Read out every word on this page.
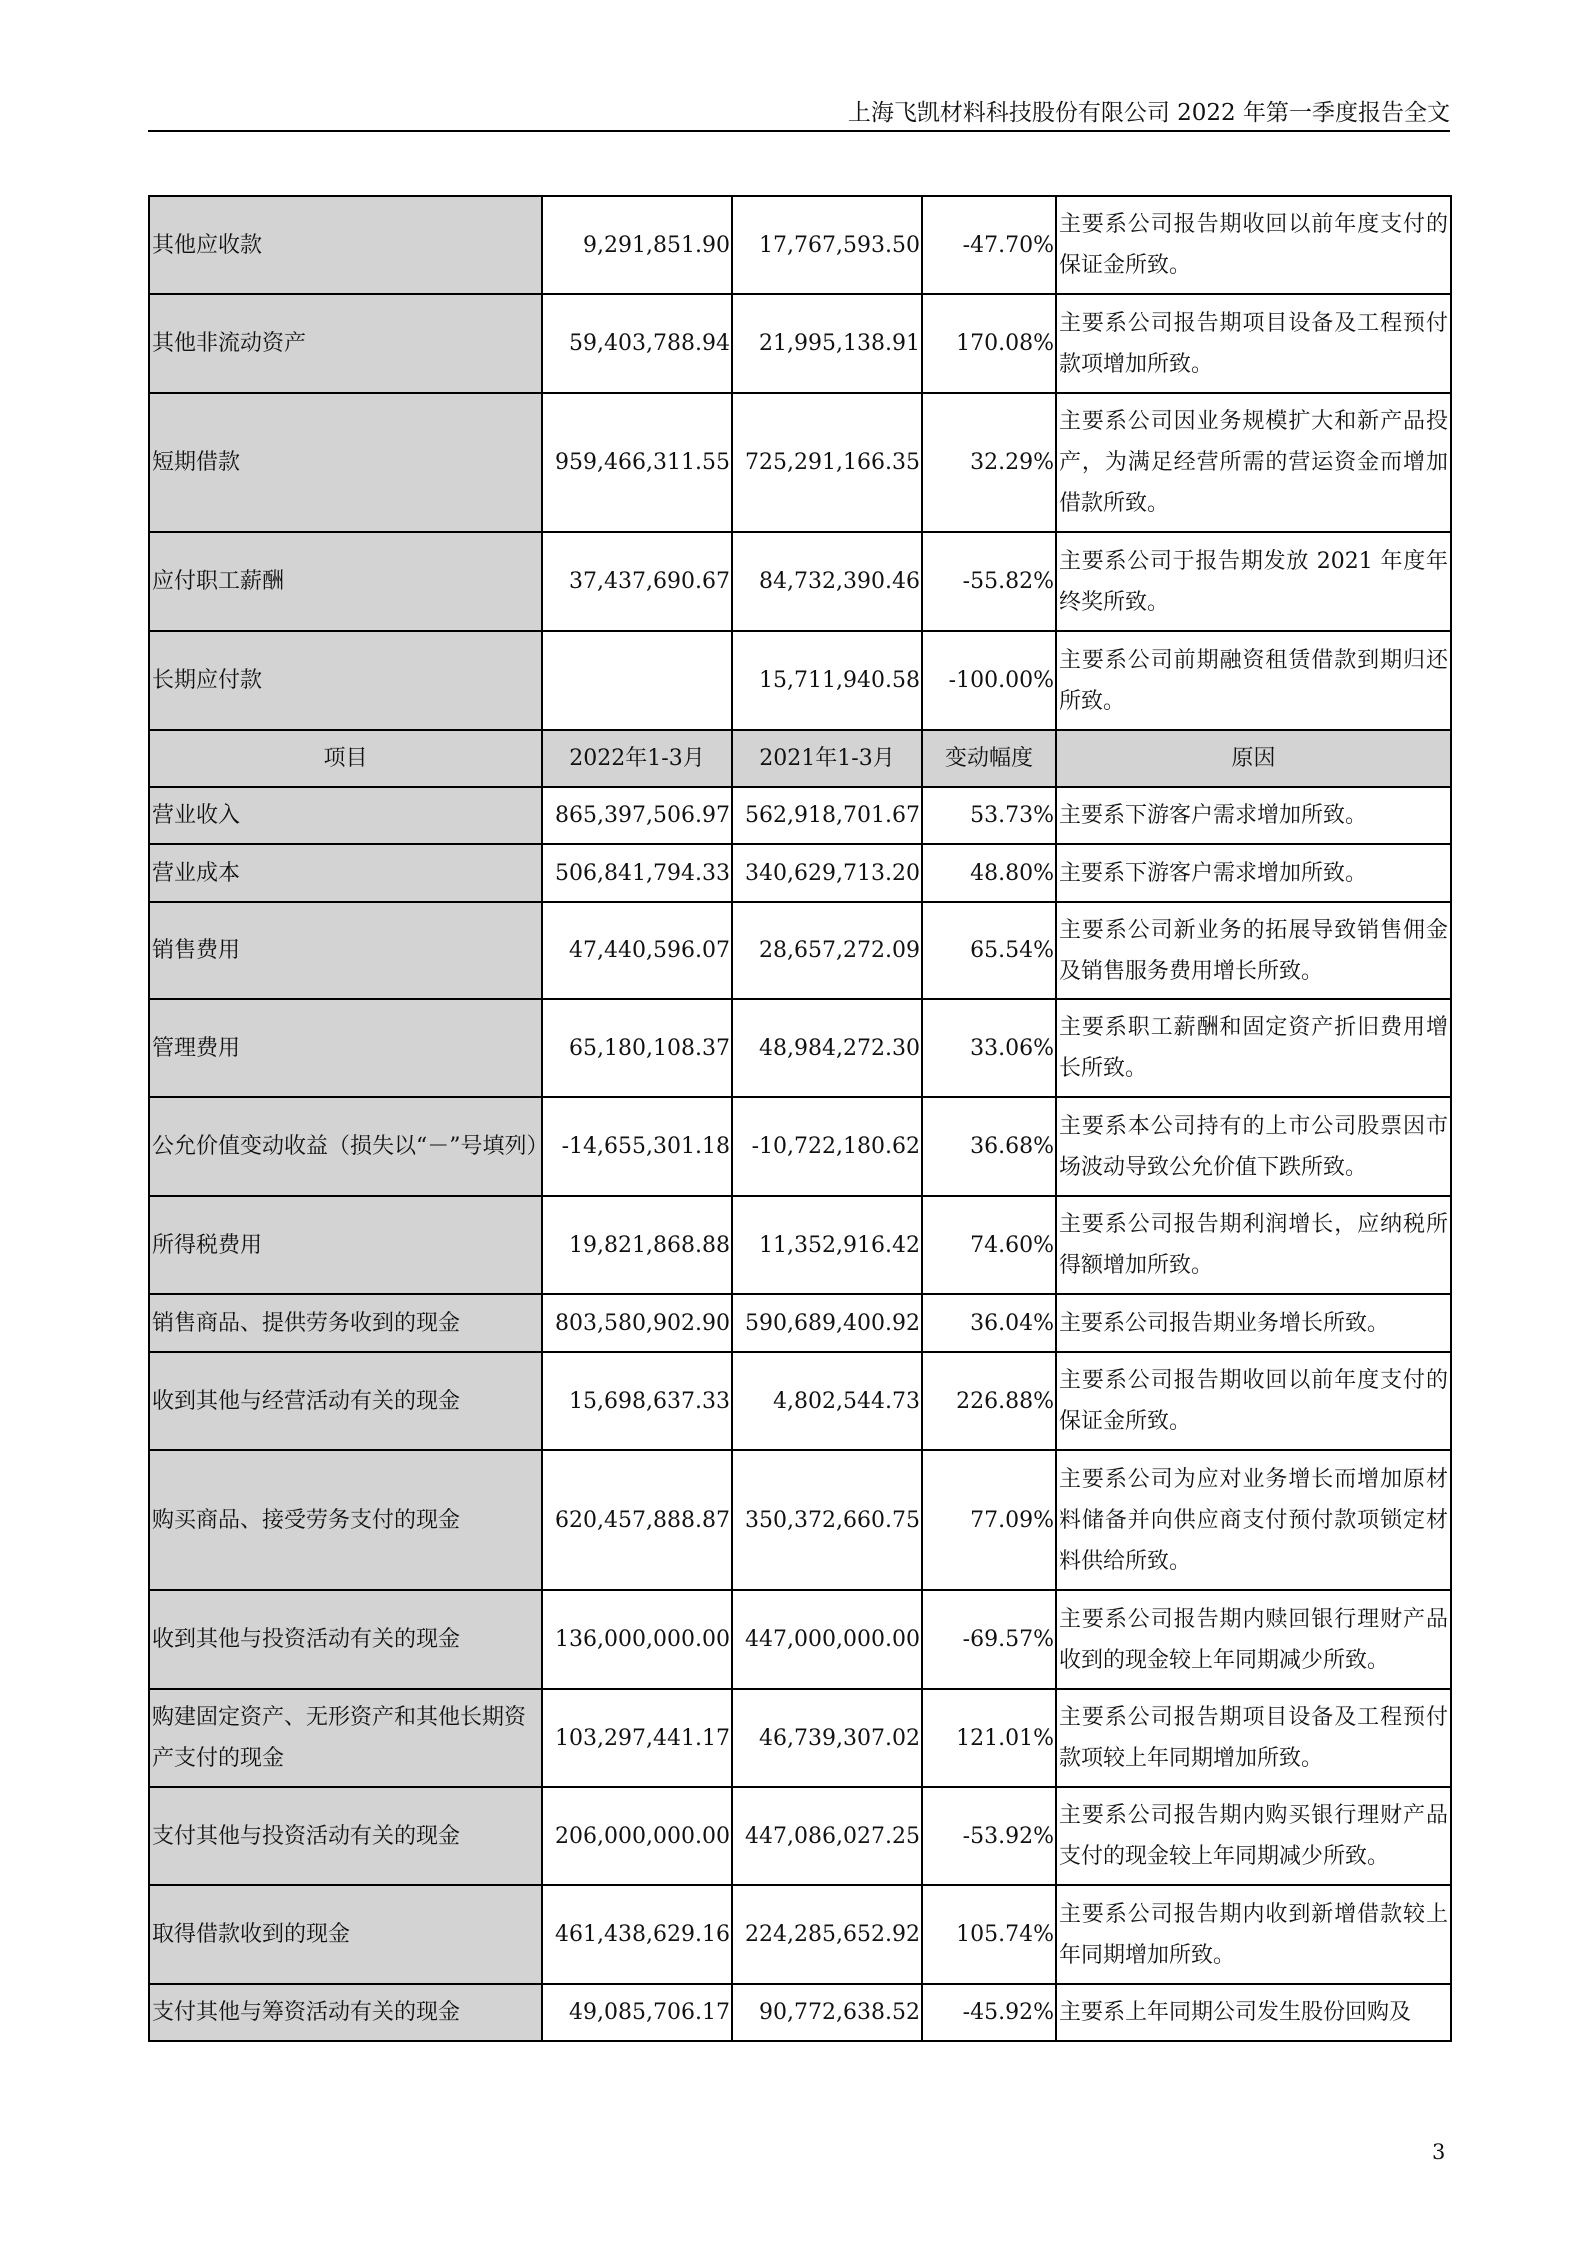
上海飞凯材料科技股份有限公司 2022 年第一季度报告全文
其他应收款	9,291,851.90	17,767,593.50	-47.70%	主要系公司报告期收回以前年度支付的保证金所致。
其他非流动资产	59,403,788.94	21,995,138.91	170.08%	主要系公司报告期项目设备及工程预付款项增加所致。
短期借款	959,466,311.55	725,291,166.35	32.29%	主要系公司因业务规模扩大和新产品投产，为满足经营所需的营运资金而增加借款所致。
应付职工薪酬	37,437,690.67	84,732,390.46	-55.82%	主要系公司于报告期发放 2021 年度年终奖所致。
长期应付款		15,711,940.58	-100.00%	主要系公司前期融资租赁借款到期归还所致。
项目	2022年1-3月	2021年1-3月	变动幅度	原因
营业收入	865,397,506.97	562,918,701.67	53.73%	主要系下游客户需求增加所致。
营业成本	506,841,794.33	340,629,713.20	48.80%	主要系下游客户需求增加所致。
销售费用	47,440,596.07	28,657,272.09	65.54%	主要系公司新业务的拓展导致销售佣金及销售服务费用增长所致。
管理费用	65,180,108.37	48,984,272.30	33.06%	主要系职工薪酬和固定资产折旧费用增长所致。
公允价值变动收益（损失以“－”号填列）	-14,655,301.18	-10,722,180.62	36.68%	主要系本公司持有的上市公司股票因市场波动导致公允价值下跌所致。
所得税费用	19,821,868.88	11,352,916.42	74.60%	主要系公司报告期利润增长，应纳税所得额增加所致。
销售商品、提供劳务收到的现金	803,580,902.90	590,689,400.92	36.04%	主要系公司报告期业务增长所致。
收到其他与经营活动有关的现金	15,698,637.33	4,802,544.73	226.88%	主要系公司报告期收回以前年度支付的保证金所致。
购买商品、接受劳务支付的现金	620,457,888.87	350,372,660.75	77.09%	主要系公司为应对业务增长而增加原材料储备并向供应商支付预付款项锁定材料供给所致。
收到其他与投资活动有关的现金	136,000,000.00	447,000,000.00	-69.57%	主要系公司报告期内赎回银行理财产品收到的现金较上年同期减少所致。
购建固定资产、无形资产和其他长期资产支付的现金	103,297,441.17	46,739,307.02	121.01%	主要系公司报告期项目设备及工程预付款项较上年同期增加所致。
支付其他与投资活动有关的现金	206,000,000.00	447,086,027.25	-53.92%	主要系公司报告期内购买银行理财产品支付的现金较上年同期减少所致。
取得借款收到的现金	461,438,629.16	224,285,652.92	105.74%	主要系公司报告期内收到新增借款较上年同期增加所致。
支付其他与筹资活动有关的现金	49,085,706.17	90,772,638.52	-45.92%	主要系上年同期公司发生股份回购及
3
